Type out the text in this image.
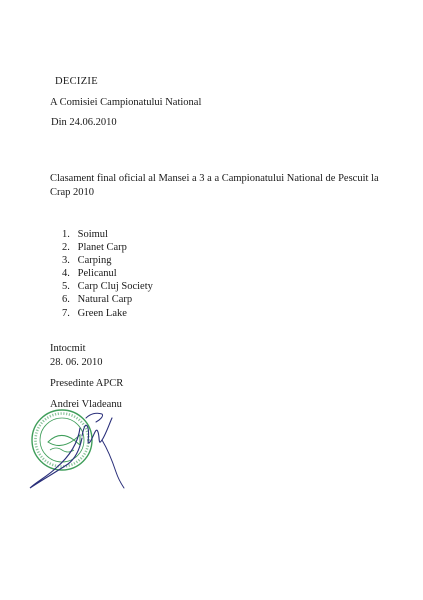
DECIZIE

A Comisiei Campionatului National

Din 24.06.2010

Clasament final oficial al Mansei a 3 a a Campionatului National de Pescuit la Crap 2010

1. Soimul
2. Planet Carp
3. Carping
4. Pelicanul
5. Carp Cluj Society
6. Natural Carp
7. Green Lake

Intocmit

28. 06. 2010

Presedinte APCR

Andrei Vladeanu
